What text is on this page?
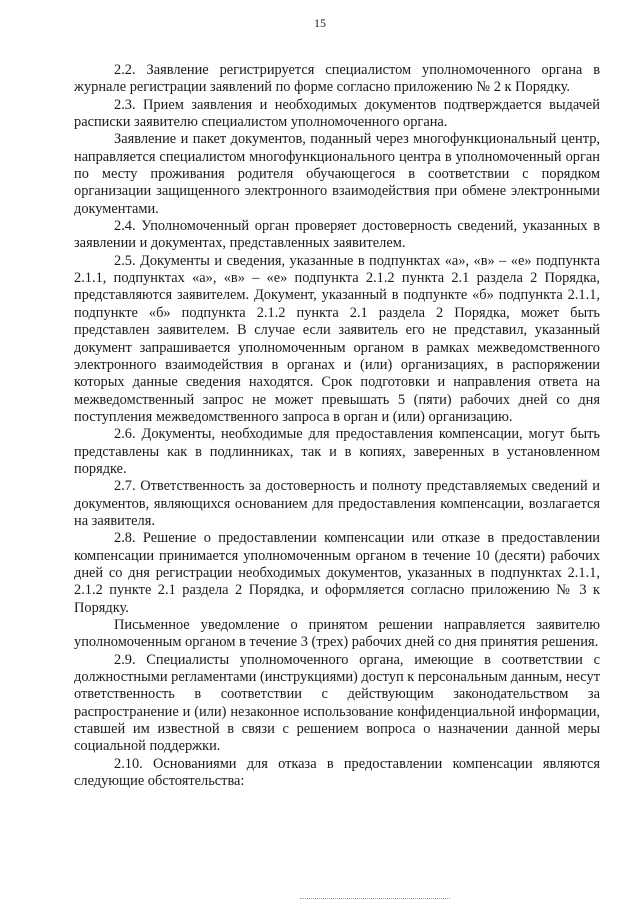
15

2.2. Заявление регистрируется специалистом уполномоченного органа в журнале регистрации заявлений по форме согласно приложению № 2 к Порядку.

2.3. Прием заявления и необходимых документов подтверждается выдачей расписки заявителю специалистом уполномоченного органа.

Заявление и пакет документов, поданный через многофункциональный центр, направляется специалистом многофункционального центра в уполномоченный орган по месту проживания родителя обучающегося в соответствии с порядком организации защищенного электронного взаимодействия при обмене электронными документами.

2.4. Уполномоченный орган проверяет достоверность сведений, указанных в заявлении и документах, представленных заявителем.

2.5. Документы и сведения, указанные в подпунктах «а», «в» – «е» подпункта 2.1.1, подпунктах «а», «в» – «е» подпункта 2.1.2 пункта 2.1 раздела 2 Порядка, представляются заявителем. Документ, указанный в подпункте «б» подпункта 2.1.1, подпункте «б» подпункта 2.1.2 пункта 2.1 раздела 2 Порядка, может быть представлен заявителем. В случае если заявитель его не представил, указанный документ запрашивается уполномоченным органом в рамках межведомственного электронного взаимодействия в органах и (или) организациях, в распоряжении которых данные сведения находятся. Срок подготовки и направления ответа на межведомственный запрос не может превышать 5 (пяти) рабочих дней со дня поступления межведомственного запроса в орган и (или) организацию.

2.6. Документы, необходимые для предоставления компенсации, могут быть представлены как в подлинниках, так и в копиях, заверенных в установленном порядке.

2.7. Ответственность за достоверность и полноту представляемых сведений и документов, являющихся основанием для предоставления компенсации, возлагается на заявителя.

2.8. Решение о предоставлении компенсации или отказе в предоставлении компенсации принимается уполномоченным органом в течение 10 (десяти) рабочих дней со дня регистрации необходимых документов, указанных в подпунктах 2.1.1, 2.1.2 пункте 2.1 раздела 2 Порядка, и оформляется согласно приложению № 3 к Порядку.

Письменное уведомление о принятом решении направляется заявителю уполномоченным органом в течение 3 (трех) рабочих дней со дня принятия решения.

2.9. Специалисты уполномоченного органа, имеющие в соответствии с должностными регламентами (инструкциями) доступ к персональным данным, несут ответственность в соответствии с действующим законодательством за распространение и (или) незаконное использование конфиденциальной информации, ставшей им известной в связи с решением вопроса о назначении данной меры социальной поддержки.

2.10. Основаниями для отказа в предоставлении компенсации являются следующие обстоятельства:
